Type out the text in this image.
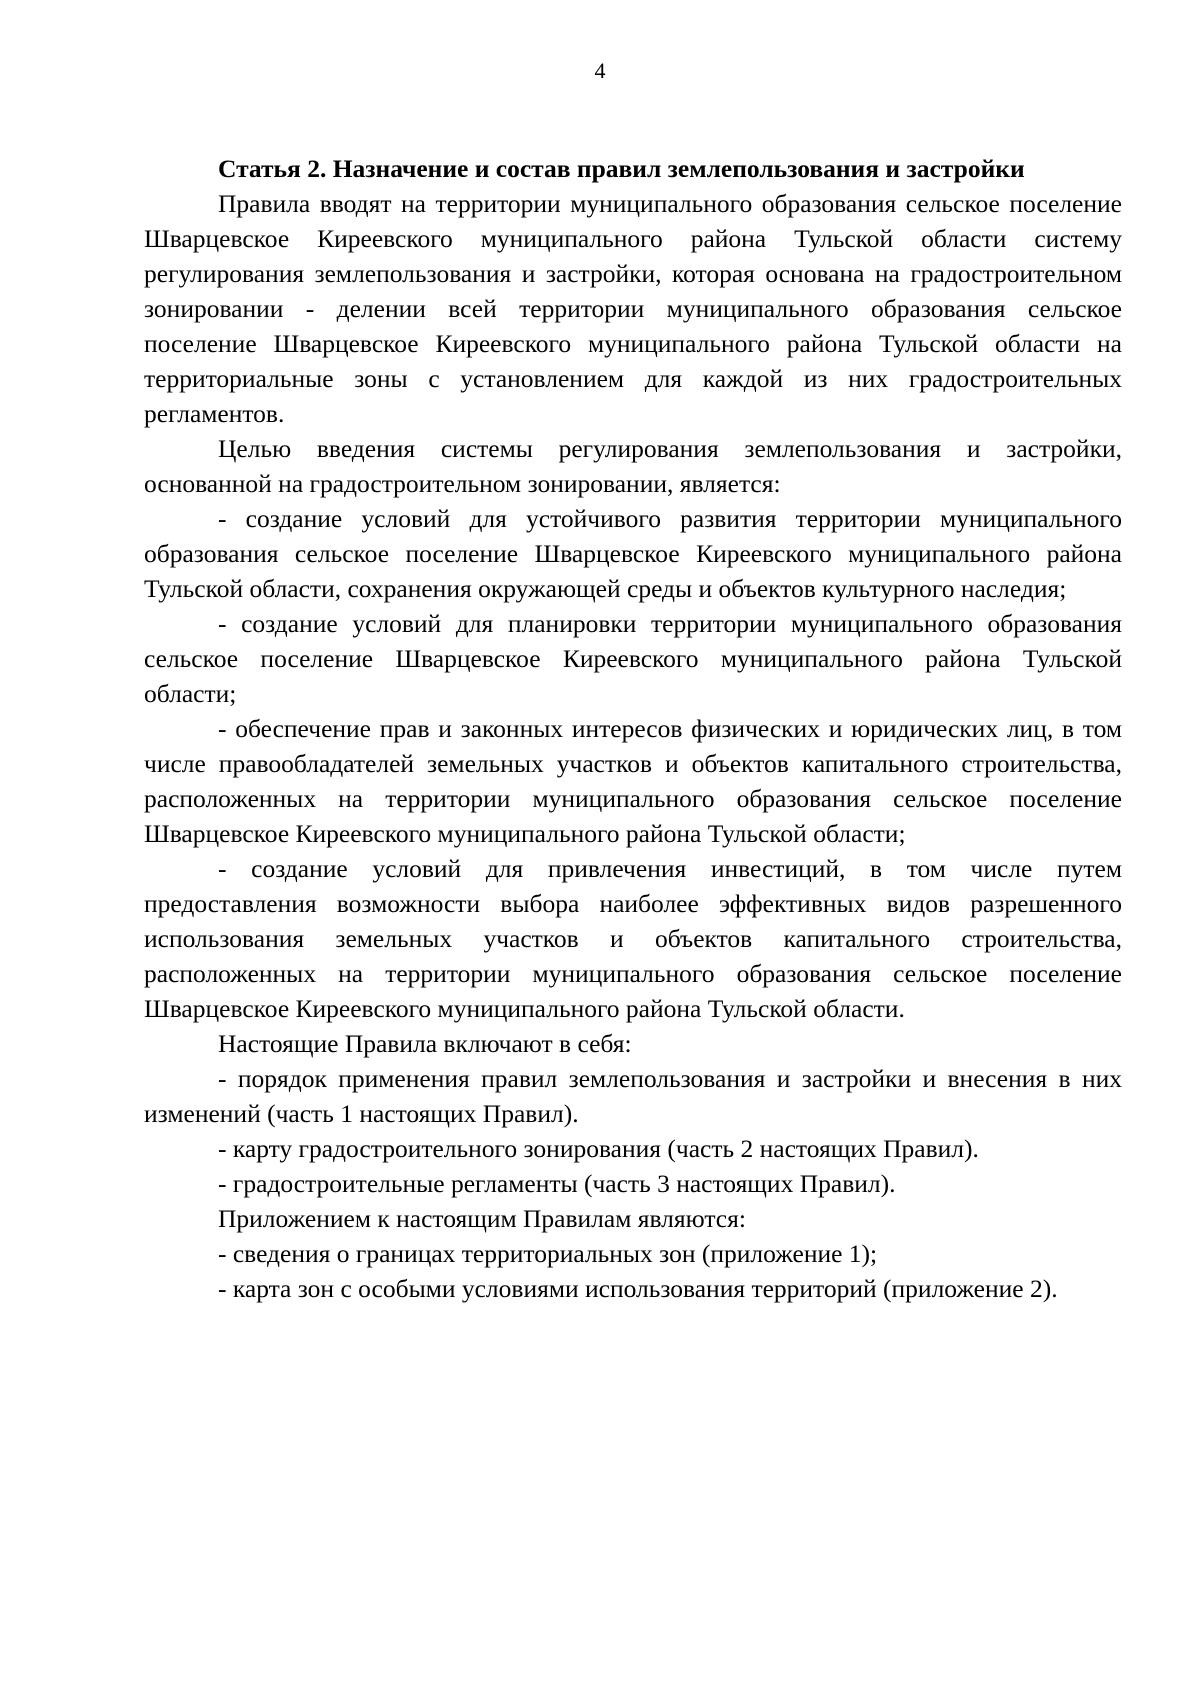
4

Статья 2. Назначение и состав правил землепользования и застройки

Правила вводят на территории муниципального образования сельское поселение Шварцевское Киреевского муниципального района Тульской области систему регулирования землепользования и застройки, которая основана на градостроительном зонировании - делении всей территории муниципального образования сельское поселение Шварцевское Киреевского муниципального района Тульской области на территориальные зоны с установлением для каждой из них градостроительных регламентов.

Целью введения системы регулирования землепользования и застройки, основанной на градостроительном зонировании, является:

- создание условий для устойчивого развития территории муниципального образования сельское поселение Шварцевское Киреевского муниципального района Тульской области, сохранения окружающей среды и объектов культурного наследия;

- создание условий для планировки территории муниципального образования сельское поселение Шварцевское Киреевского муниципального района Тульской области;

- обеспечение прав и законных интересов физических и юридических лиц, в том числе правообладателей земельных участков и объектов капитального строительства, расположенных на территории муниципального образования сельское поселение Шварцевское Киреевского муниципального района Тульской области;

- создание условий для привлечения инвестиций, в том числе путем предоставления возможности выбора наиболее эффективных видов разрешенного использования земельных участков и объектов капитального строительства, расположенных на территории муниципального образования сельское поселение Шварцевское Киреевского муниципального района Тульской области.

Настоящие Правила включают в себя:

- порядок применения правил землепользования и застройки и внесения в них изменений (часть 1 настоящих Правил).

- карту градостроительного зонирования (часть 2 настоящих Правил).

- градостроительные регламенты (часть 3 настоящих Правил).

Приложением к настоящим Правилам являются:

- сведения о границах территориальных зон (приложение 1);

- карта зон с особыми условиями использования территорий (приложение 2).
